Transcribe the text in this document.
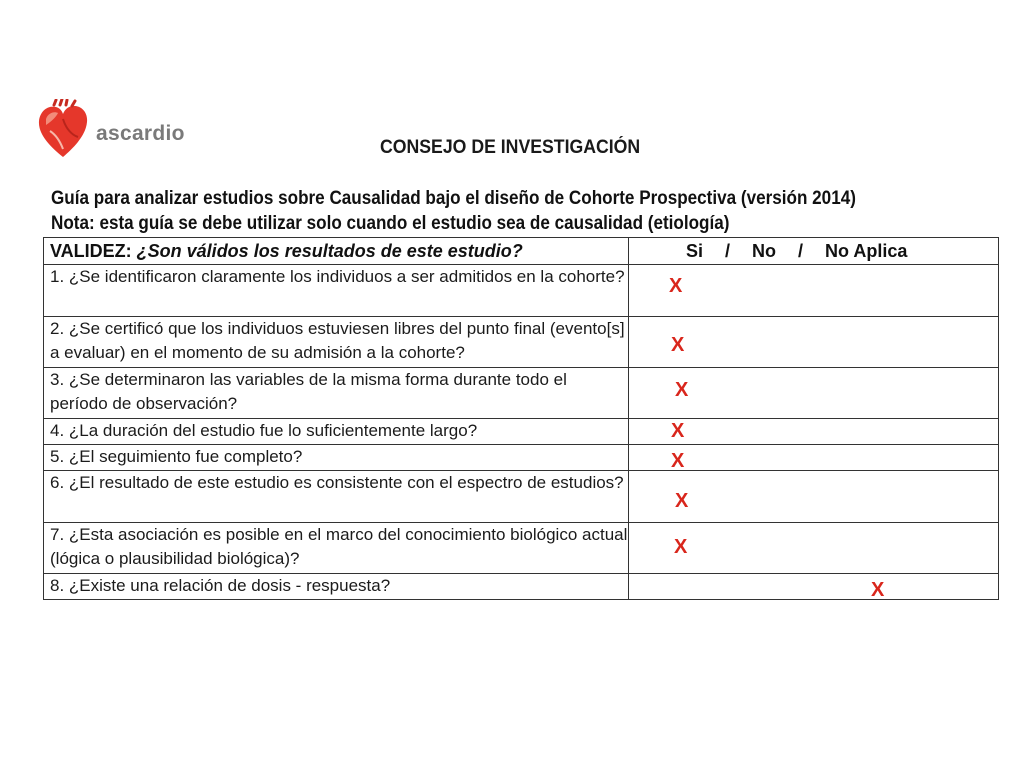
ascardio
CONSEJO DE INVESTIGACIÓN
Guía para analizar estudios sobre Causalidad bajo el diseño de Cohorte Prospectiva (versión 2014)
Nota: esta guía se debe utilizar solo cuando el estudio sea de causalidad (etiología)
VALIDEZ: ¿Son válidos los resultados de este estudio?	Si / No / No Aplica

1. ¿Se identificaron claramente los individuos a ser admitidos en la cohorte?	X

2. ¿Se certificó que los individuos estuviesen libres del punto final (evento[s] a evaluar) en el momento de su admisión a la cohorte?	X

3. ¿Se determinaron las variables de la misma forma durante todo el período de observación?	X

4. ¿La duración del estudio fue lo suficientemente largo?	X

5. ¿El seguimiento fue completo?	X

6. ¿El resultado de este estudio es consistente con el espectro de estudios?	X

7. ¿Esta asociación es posible en el marco del conocimiento biológico actual (lógica o plausibilidad biológica)?	X

8. ¿Existe una relación de dosis - respuesta?	X
